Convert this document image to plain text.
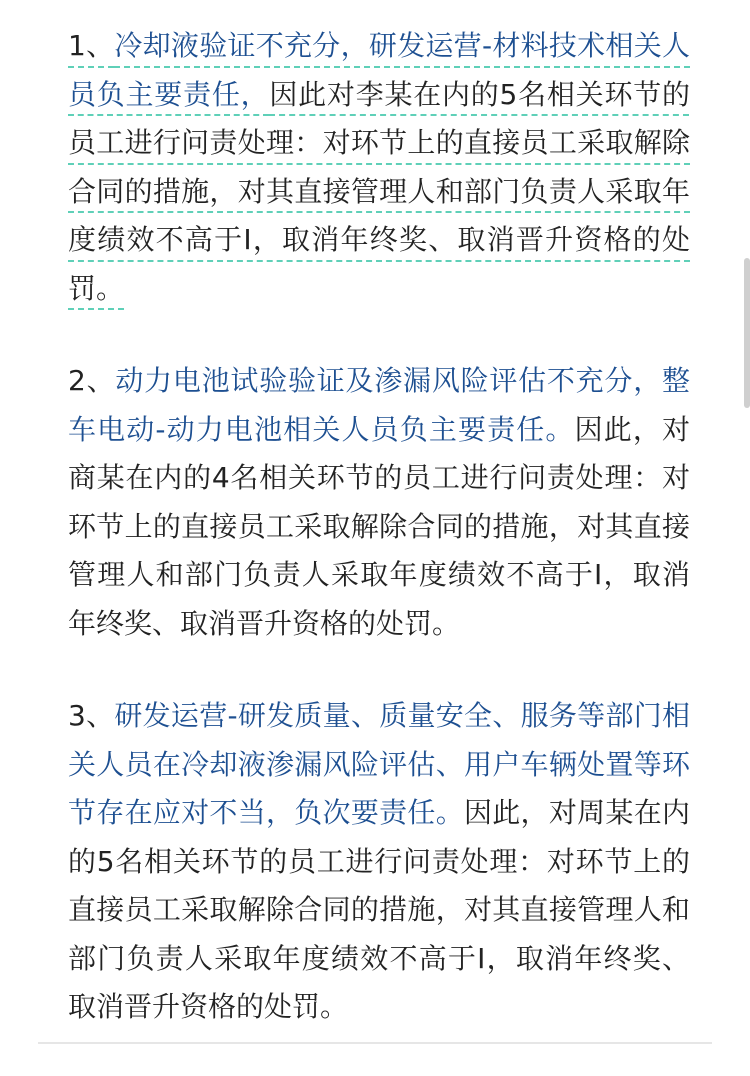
1、冷却液验证不充分，研发运营-材料技术相关人员负主要责任，因此对李某在内的5名相关环节的员工进行问责处理：对环节上的直接员工采取解除合同的措施，对其直接管理人和部门负责人采取年度绩效不高于I，取消年终奖、取消晋升资格的处罚。

2、动力电池试验验证及渗漏风险评估不充分，整车电动-动力电池相关人员负主要责任。因此，对商某在内的4名相关环节的员工进行问责处理：对环节上的直接员工采取解除合同的措施，对其直接管理人和部门负责人采取年度绩效不高于I，取消年终奖、取消晋升资格的处罚。

3、研发运营-研发质量、质量安全、服务等部门相关人员在冷却液渗漏风险评估、用户车辆处置等环节存在应对不当，负次要责任。因此，对周某在内的5名相关环节的员工进行问责处理：对环节上的直接员工采取解除合同的措施，对其直接管理人和部门负责人采取年度绩效不高于I，取消年终奖、取消晋升资格的处罚。
